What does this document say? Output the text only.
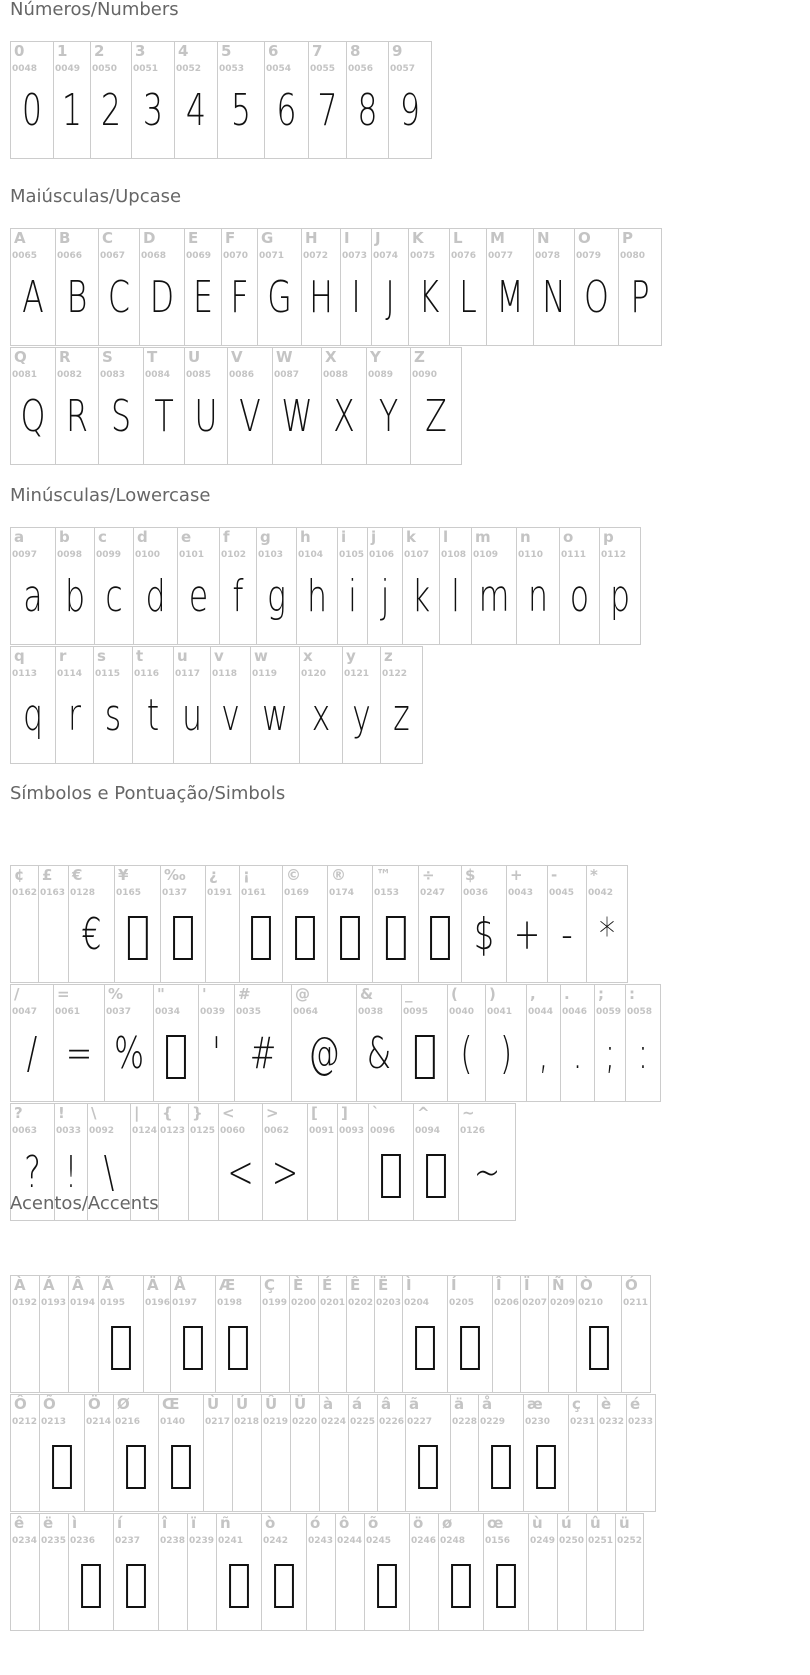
Números/Numbers
0
0048
0
1
0049
1
2
0050
2
3
0051
3
4
0052
4
5
0053
5
6
0054
6
7
0055
7
8
0056
8
9
0057
9
Maiúsculas/Upcase
A
0065
A
B
0066
B
C
0067
C
D
0068
D
E
0069
E
F
0070
F
G
0071
G
H
0072
H
I
0073
I
J
0074
J
K
0075
K
L
0076
L
M
0077
M
N
0078
N
O
0079
O
P
0080
P
Q
0081
Q
R
0082
R
S
0083
S
T
0084
T
U
0085
U
V
0086
V
W
0087
W
X
0088
X
Y
0089
Y
Z
0090
Z
Minúsculas/Lowercase
a
0097
a
b
0098
b
c
0099
c
d
0100
d
e
0101
e
f
0102
f
g
0103
g
h
0104
h
i
0105
i
j
0106
j
k
0107
k
l
0108
l
m
0109
m
n
0110
n
o
0111
o
p
0112
p
q
0113
q
r
0114
r
s
0115
s
t
0116
t
u
0117
u
v
0118
v
w
0119
w
x
0120
x
y
0121
y
z
0122
z
Símbolos e Pontuação/Simbols
¢
0162
£
0163
€
0128
€
¥
0165
‰
0137
¿
0191
¡
0161
©
0169
®
0174
™
0153
÷
0247
$
0036
$
+
0043
+
-
0045
-
*
0042
*
/
0047
/
=
0061
=
%
0037
%
"
0034
'
0039
'
#
0035
#
@
0064
@
&
0038
&
_
0095
(
0040
(
)
0041
)
,
0044
,
.
0046
.
;
0059
;
:
0058
:
?
0063
?
!
0033
!
\
0092
\
|
0124
{
0123
}
0125
<
0060
<
>
0062
>
[
0091
]
0093
`
0096
^
0094
~
0126
~
Acentos/Accents
À
0192
Á
0193
Â
0194
Ã
0195
Ä
0196
Å
0197
Æ
0198
Ç
0199
È
0200
É
0201
Ê
0202
Ë
0203
Ì
0204
Í
0205
Î
0206
Ï
0207
Ñ
0209
Ò
0210
Ó
0211
Ô
0212
Õ
0213
Ö
0214
Ø
0216
Œ
0140
Ù
0217
Ú
0218
Û
0219
Ü
0220
à
0224
á
0225
â
0226
ã
0227
ä
0228
å
0229
æ
0230
ç
0231
è
0232
é
0233
ê
0234
ë
0235
ì
0236
í
0237
î
0238
ï
0239
ñ
0241
ò
0242
ó
0243
ô
0244
õ
0245
ö
0246
ø
0248
œ
0156
ù
0249
ú
0250
û
0251
ü
0252
